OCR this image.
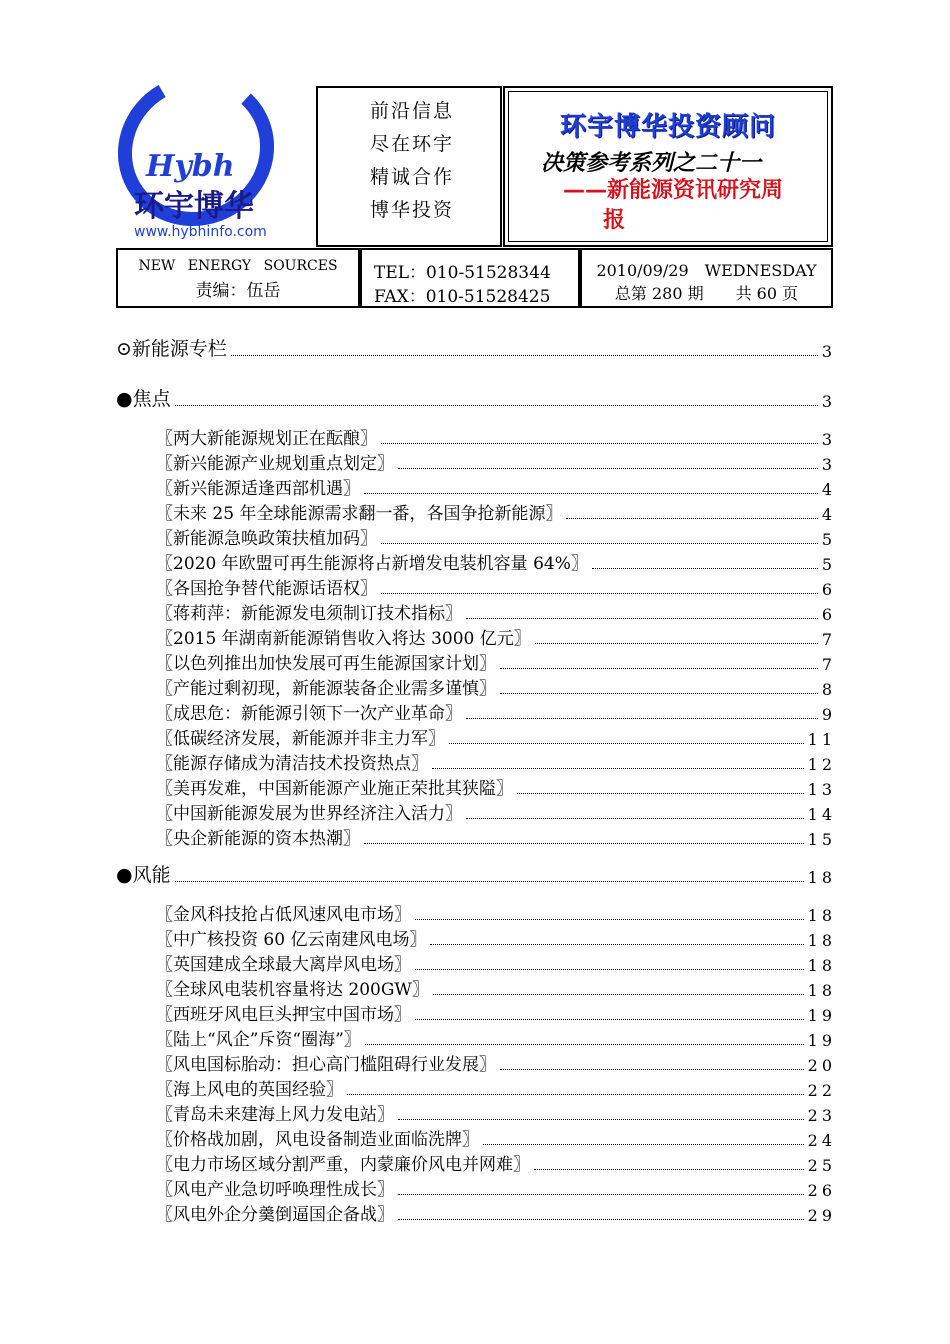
Hybh
环宇博华
www.hybhinfo.com
前沿信息
尽在环宇
精诚合作
博华投资
环宇博华投资顾问
决策参考系列之二十一
——新能源资讯研究周
报
NEW ENERGY SOURCES
责编：伍岳
TEL：010-51528344
FAX：010-51528425
2010/09/29　WEDNESDAY
总第 280 期　　共 60 页
⊙新能源专栏	3
●焦点	3
〖两大新能源规划正在酝酿〗	3
〖新兴能源产业规划重点划定〗	3
〖新兴能源适逢西部机遇〗	4
〖未来 25 年全球能源需求翻一番，各国争抢新能源〗	4
〖新能源急唤政策扶植加码〗	5
〖2020 年欧盟可再生能源将占新增发电装机容量 64%〗	5
〖各国抢争替代能源话语权〗	6
〖蒋莉萍：新能源发电须制订技术指标〗	6
〖2015 年湖南新能源销售收入将达 3000 亿元〗	7
〖以色列推出加快发展可再生能源国家计划〗	7
〖产能过剩初现，新能源装备企业需多谨慎〗	8
〖成思危：新能源引领下一次产业革命〗	9
〖低碳经济发展，新能源并非主力军〗	11
〖能源存储成为清洁技术投资热点〗	12
〖美再发难，中国新能源产业施正荣批其狭隘〗	13
〖中国新能源发展为世界经济注入活力〗	14
〖央企新能源的资本热潮〗	15
●风能	18
〖金风科技抢占低风速风电市场〗	18
〖中广核投资 60 亿云南建风电场〗	18
〖英国建成全球最大离岸风电场〗	18
〖全球风电装机容量将达 200GW〗	18
〖西班牙风电巨头押宝中国市场〗	19
〖陆上“风企”斥资“圈海”〗	19
〖风电国标胎动：担心高门槛阻碍行业发展〗	20
〖海上风电的英国经验〗	22
〖青岛未来建海上风力发电站〗	23
〖价格战加剧，风电设备制造业面临洗牌〗	24
〖电力市场区域分割严重，内蒙廉价风电并网难〗	25
〖风电产业急切呼唤理性成长〗	26
〖风电外企分羹倒逼国企备战〗	29
